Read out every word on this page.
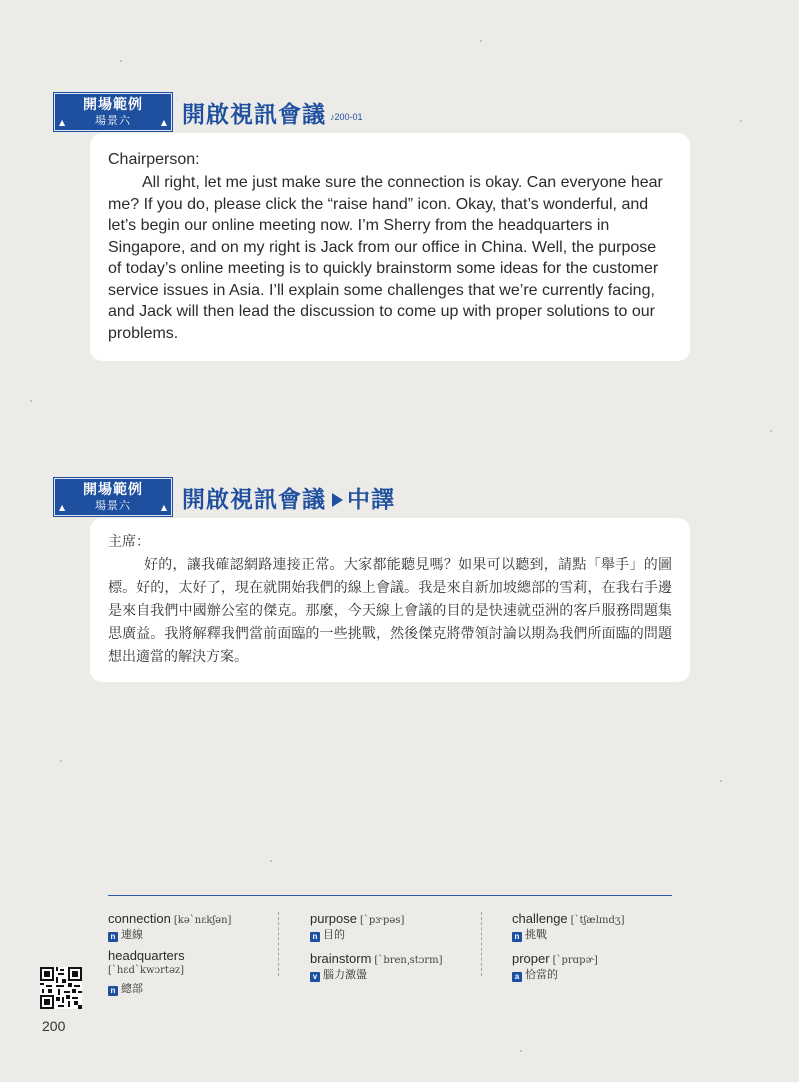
開場範例
場景六
▲	▲ 開啟視訊會議 ♪200-01
Chairperson:

All right, let me just make sure the connection is okay. Can everyone hear me? If you do, please click the “raise hand” icon. Okay, that’s wonderful, and let’s begin our online meeting now. I’m Sherry from the headquarters in Singapore, and on my right is Jack from our office in China. Well, the purpose of today’s online meeting is to quickly brainstorm some ideas for the customer service issues in Asia. I’ll explain some challenges that we’re currently facing, and Jack will then lead the discussion to come up with proper solutions to our problems.

開場範例
場景六
▲	▲ 開啟視訊會議 中譯
主席：

好的，讓我確認網路連接正常。大家都能聽見嗎？如果可以聽到，請點「舉手」的圖標。好的，太好了，現在就開始我們的線上會議。我是來自新加坡總部的雪莉，在我右手邊是來自我們中國辦公室的傑克。那麼，今天線上會議的目的是快速就亞洲的客戶服務問題集思廣益。我將解釋我們當前面臨的一些挑戰，然後傑克將帶領討論以期為我們所面臨的問題想出適當的解決方案。

connection [kəˋnɛkʃən]
n 連線
headquarters
[ˋhɛdˋkwɔrtəz]
n 總部
purpose [ˋpɝpəs]
n 目的
brainstorm [ˋbren͵stɔrm]
v 腦力激盪
challenge [ˋtʃælɪndʒ]
n 挑戰
proper [ˋprɑpɚ]
a 恰當的
200
